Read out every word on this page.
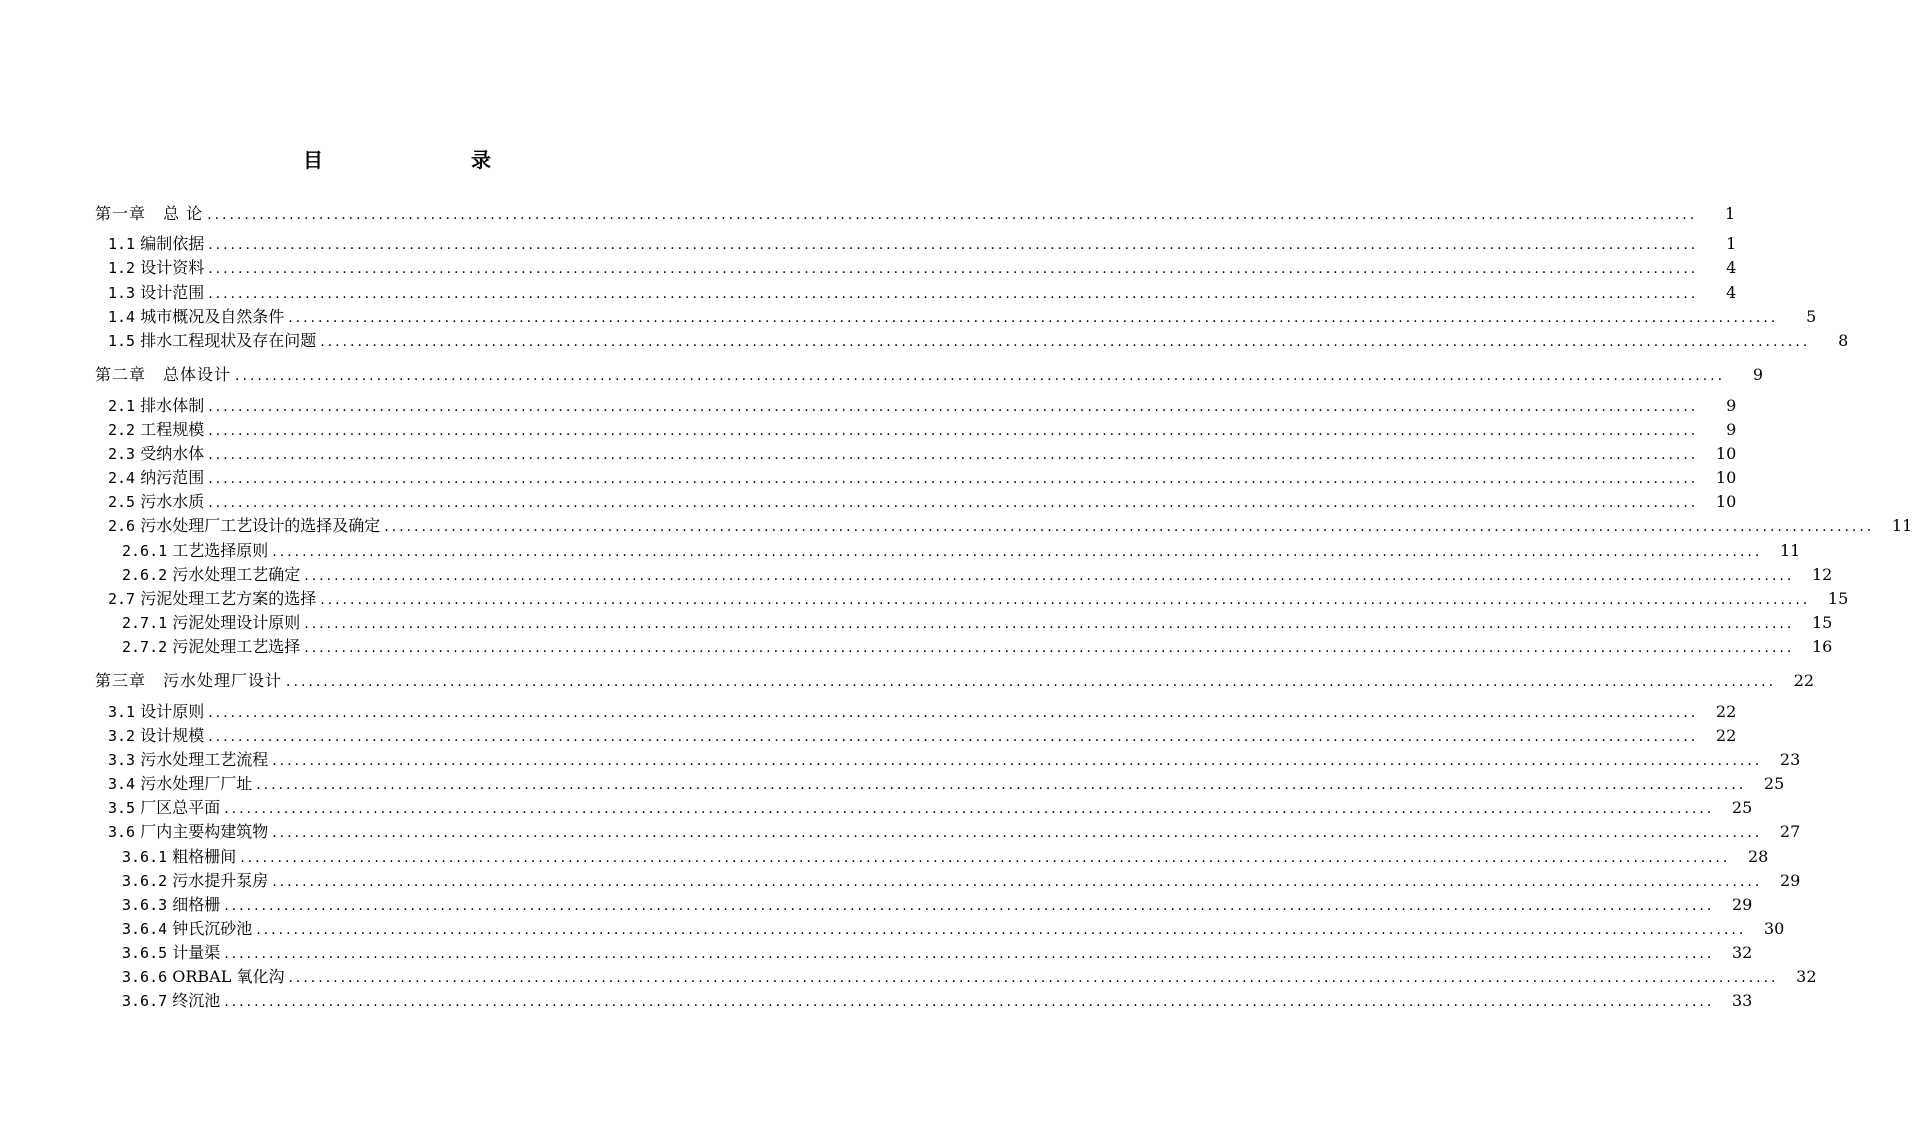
目　　录
第一章　 总 论 ........................................................................................................................................................................................................	1
1.1 编制依据 ........................................................................................................................................................................................................	1
1.2 设计资料 ........................................................................................................................................................................................................	4
1.3 设计范围 ........................................................................................................................................................................................................	4
1.4 城市概况及自然条件 ........................................................................................................................................................................................................	5
1.5 排水工程现状及存在问题 ........................................................................................................................................................................................................	8
第二章　 总体设计 ........................................................................................................................................................................................................	9
2.1 排水体制 ........................................................................................................................................................................................................	9
2.2 工程规模 ........................................................................................................................................................................................................	9
2.3 受纳水体 ........................................................................................................................................................................................................	10
2.4 纳污范围 ........................................................................................................................................................................................................	10
2.5 污水水质 ........................................................................................................................................................................................................	10
2.6 污水处理厂工艺设计的选择及确定 ........................................................................................................................................................................................................	11
2.6.1 工艺选择原则 ........................................................................................................................................................................................................	11
2.6.2 污水处理工艺确定 ........................................................................................................................................................................................................	12
2.7 污泥处理工艺方案的选择 ........................................................................................................................................................................................................	15
2.7.1 污泥处理设计原则 ........................................................................................................................................................................................................	15
2.7.2 污泥处理工艺选择 ........................................................................................................................................................................................................	16
第三章　 污水处理厂设计 ........................................................................................................................................................................................................	22
3.1 设计原则 ........................................................................................................................................................................................................	22
3.2 设计规模 ........................................................................................................................................................................................................	22
3.3 污水处理工艺流程 ........................................................................................................................................................................................................	23
3.4 污水处理厂厂址 ........................................................................................................................................................................................................	25
3.5 厂区总平面 ........................................................................................................................................................................................................	25
3.6 厂内主要构建筑物 ........................................................................................................................................................................................................	27
3.6.1 粗格栅间 ........................................................................................................................................................................................................	28
3.6.2 污水提升泵房 ........................................................................................................................................................................................................	29
3.6.3 细格栅 ........................................................................................................................................................................................................	29
3.6.4 钟氏沉砂池 ........................................................................................................................................................................................................	30
3.6.5 计量渠 ........................................................................................................................................................................................................	32
3.6.6 ORBAL 氧化沟 ........................................................................................................................................................................................................	32
3.6.7 终沉池 ........................................................................................................................................................................................................	33
